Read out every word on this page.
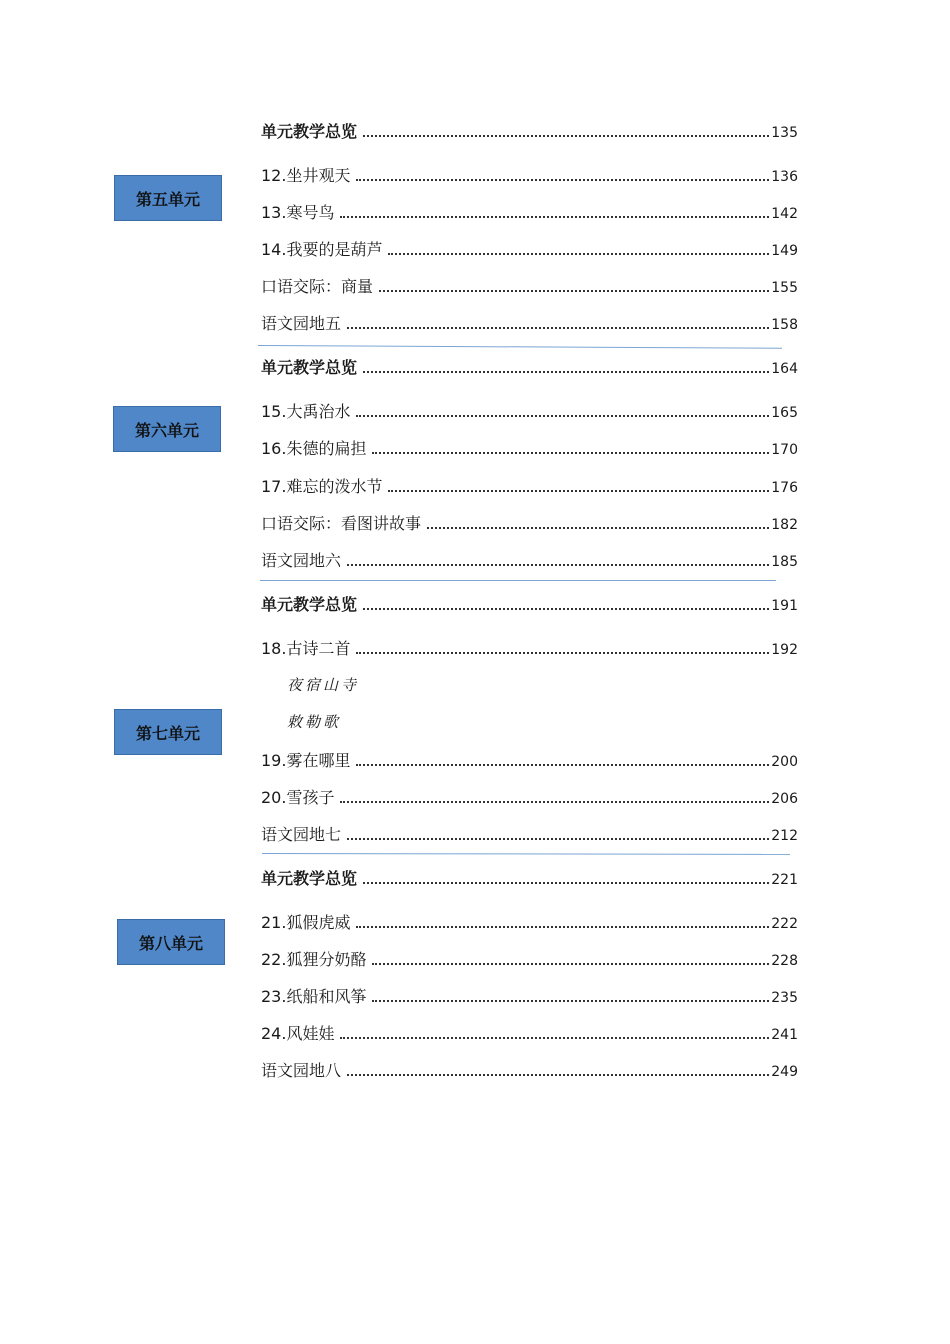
第五单元
第六单元
第七单元
第八单元
单元教学总览	135
12.坐井观天	136
13.寒号鸟	142
14.我要的是葫芦	149
口语交际：商量	155
语文园地五	158
单元教学总览	164
15.大禹治水	165
16.朱德的扁担	170
17.难忘的泼水节	176
口语交际：看图讲故事	182
语文园地六	185
单元教学总览	191
18.古诗二首	192
夜宿山寺
敕勒歌
19.雾在哪里	200
20.雪孩子	206
语文园地七	212
单元教学总览	221
21.狐假虎威	222
22.狐狸分奶酪	228
23.纸船和风筝	235
24.风娃娃	241
语文园地八	249
